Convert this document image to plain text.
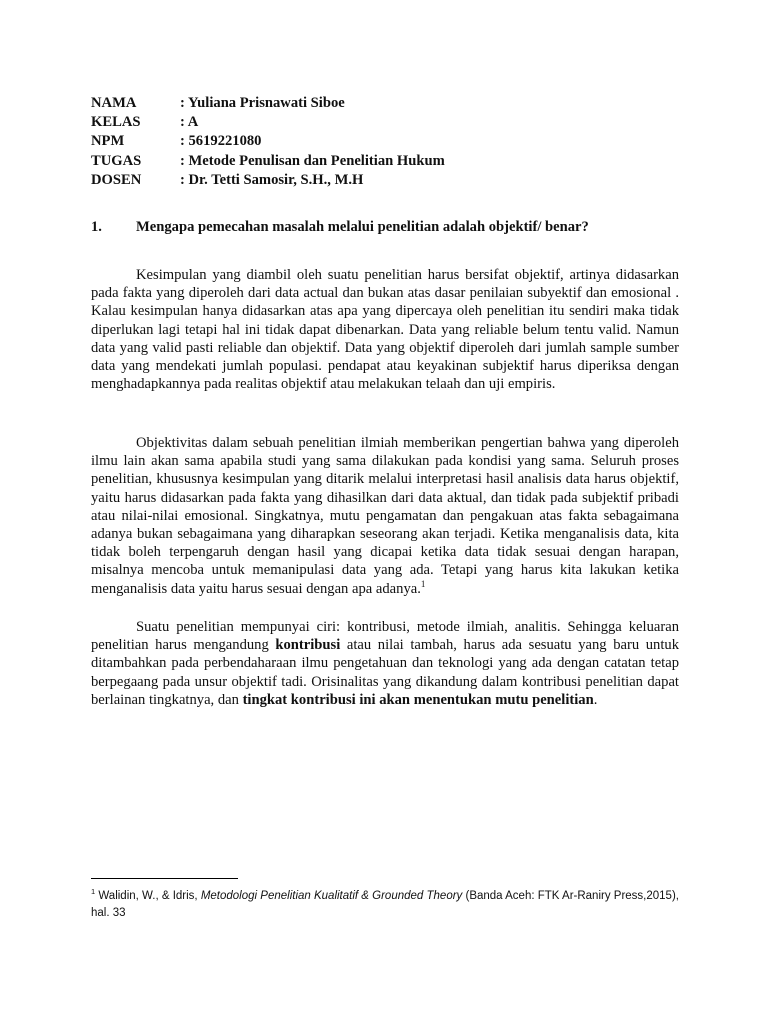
NAMA	: Yuliana Prisnawati Siboe
KELAS	: A
NPM	: 5619221080
TUGAS	: Metode Penulisan dan Penelitian Hukum
DOSEN	: Dr. Tetti Samosir, S.H., M.H
1.	Mengapa pemecahan masalah melalui penelitian adalah objektif/ benar?

Kesimpulan yang diambil oleh suatu penelitian harus bersifat objektif, artinya didasarkan pada fakta yang diperoleh dari data actual dan bukan atas dasar penilaian subyektif dan emosional . Kalau kesimpulan hanya didasarkan atas apa yang dipercaya oleh penelitian itu sendiri maka tidak diperlukan lagi tetapi hal ini tidak dapat dibenarkan. Data yang reliable belum tentu valid. Namun data yang valid pasti reliable dan objektif. Data yang objektif diperoleh dari jumlah sample sumber data yang mendekati jumlah populasi. pendapat atau keyakinan subjektif harus diperiksa dengan menghadapkannya pada realitas objektif atau melakukan telaah dan uji empiris.

Objektivitas dalam sebuah penelitian ilmiah memberikan pengertian bahwa yang diperoleh ilmu lain akan sama apabila studi yang sama dilakukan pada kondisi yang sama. Seluruh proses penelitian, khususnya kesimpulan yang ditarik melalui interpretasi hasil analisis data harus objektif, yaitu harus didasarkan pada fakta yang dihasilkan dari data aktual, dan tidak pada subjektif pribadi atau nilai-nilai emosional. Singkatnya, mutu pengamatan dan pengakuan atas fakta sebagaimana adanya bukan sebagaimana yang diharapkan seseorang akan terjadi. Ketika menganalisis data, kita tidak boleh terpengaruh dengan hasil yang dicapai ketika data tidak sesuai dengan harapan, misalnya mencoba untuk memanipulasi data yang ada. Tetapi yang harus kita lakukan ketika menganalisis data yaitu harus sesuai dengan apa adanya.$^1$

Suatu penelitian mempunyai ciri: kontribusi, metode ilmiah, analitis. Sehingga keluaran penelitian harus mengandung kontribusi atau nilai tambah, harus ada sesuatu yang baru untuk ditambahkan pada perbendaharaan ilmu pengetahuan dan teknologi yang ada dengan catatan tetap berpegaang pada unsur objektif tadi. Orisinalitas yang dikandung dalam kontribusi penelitian dapat berlainan tingkatnya, dan tingkat kontribusi ini akan menentukan mutu penelitian.

$^1$ Walidin, W., & Idris, Metodologi Penelitian Kualitatif & Grounded Theory (Banda Aceh: FTK Ar-Raniry Press,2015), hal. 33
